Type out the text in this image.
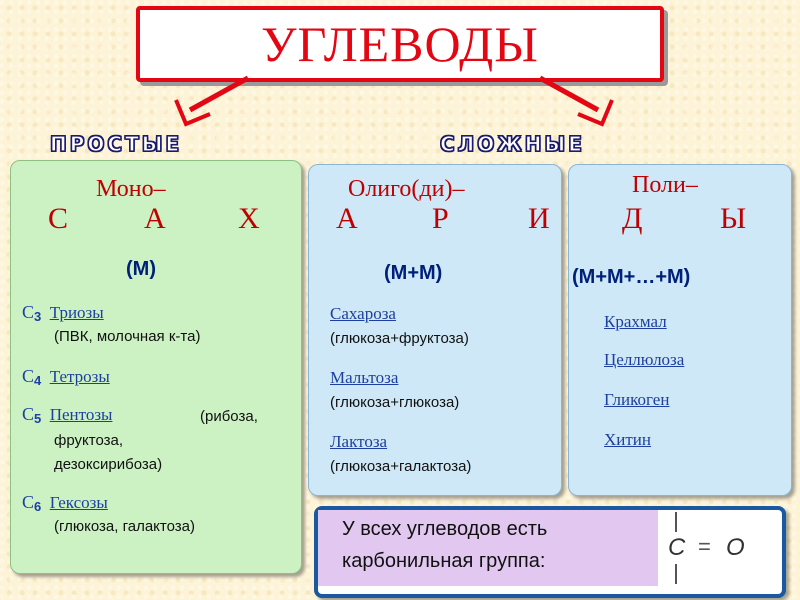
УГЛЕВОДЫ
ПРОСТЫЕ	СЛОЖНЫЕ
Моно–	Олиго(ди)–	Поли–
С	А Х	А Р	И Д	Ы
(М)	(М+М)	(М+М+…+М)
$С_3$ Триозы
(ПВК, молочная к-та)
$С_4$ Тетрозы
$С_5$ Пентозы	(рибоза,
фруктоза,
дезоксирибоза)
$С_6$ Гексозы
(глюкоза, галактоза)
Сахароза
(глюкоза+фруктоза)
Мальтоза
(глюкоза+глюкоза)
Лактоза
(глюкоза+галактоза)
Крахмал
Целлюлоза
Гликоген
Хитин
У всех углеводов есть
карбонильная группа:	C = O
